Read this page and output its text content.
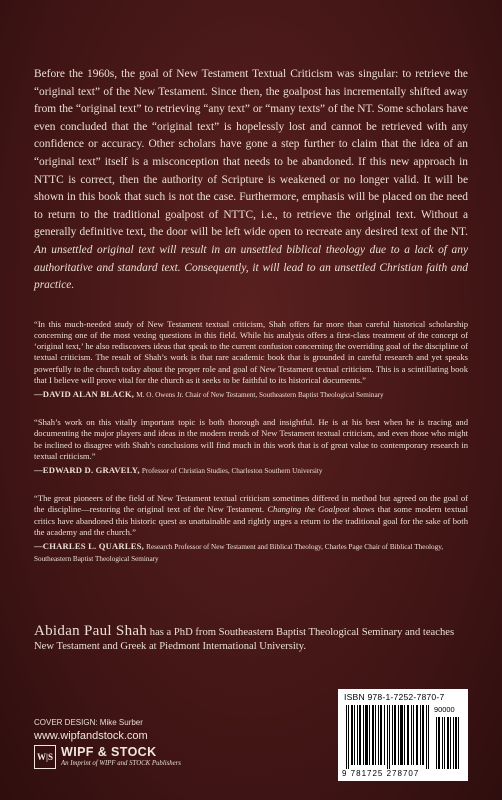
Before the 1960s, the goal of New Testament Textual Criticism was singular: to retrieve the “original text” of the New Testament. Since then, the goalpost has incrementally shifted away from the “original text” to retrieving “any text” or “many texts” of the NT. Some scholars have even concluded that the “original text” is hopelessly lost and cannot be retrieved with any confidence or accuracy. Other scholars have gone a step further to claim that the idea of an “original text” itself is a misconception that needs to be abandoned. If this new approach in NTTC is correct, then the authority of Scripture is weakened or no longer valid. It will be shown in this book that such is not the case. Furthermore, emphasis will be placed on the need to return to the traditional goalpost of NTTC, i.e., to retrieve the original text. Without a generally definitive text, the door will be left wide open to recreate any desired text of the NT. An unsettled original text will result in an unsettled biblical theology due to a lack of any authoritative and standard text. Consequently, it will lead to an unsettled Christian faith and practice.

“In this much-needed study of New Testament textual criticism, Shah offers far more than careful historical scholarship concerning one of the most vexing questions in this field. While his analysis offers a first-class treatment of the concept of ‘original text,’ he also rediscovers ideas that speak to the current confusion concerning the overriding goal of the discipline of textual criticism. The result of Shah’s work is that rare academic book that is grounded in careful research and yet speaks powerfully to the church today about the proper role and goal of New Testament textual criticism. This is a scintillating book that I believe will prove vital for the church as it seeks to be faithful to its historical documents.”

—DAVID ALAN BLACK, M. O. Owens Jr. Chair of New Testament, Southeastern Baptist Theological Seminary

“Shah’s work on this vitally important topic is both thorough and insightful. He is at his best when he is tracing and documenting the major players and ideas in the modern trends of New Testament textual criticism, and even those who might be inclined to disagree with Shah’s conclusions will find much in this work that is of great value to contemporary research in textual criticism.”

—EDWARD D. GRAVELY, Professor of Christian Studies, Charleston Southern University

“The great pioneers of the field of New Testament textual criticism sometimes differed in method but agreed on the goal of the discipline—restoring the original text of the New Testament. Changing the Goalpost shows that some modern textual critics have abandoned this historic quest as unattainable and rightly urges a return to the traditional goal for the sake of both the academy and the church.”

—CHARLES L. QUARLES, Research Professor of New Testament and Biblical Theology, Charles Page Chair of Biblical Theology, Southeastern Baptist Theological Seminary

Abidan Paul Shah has a PhD from Southeastern Baptist Theological Seminary and teaches New Testament and Greek at Piedmont International University.

COVER DESIGN: Mike Surber
www.wipfandstock.com
W|S WIPF & STOCK
An Imprint of WIPF and STOCK Publishers
ISBN 978-1-7252-7870-7
90000
9 781725 278707
